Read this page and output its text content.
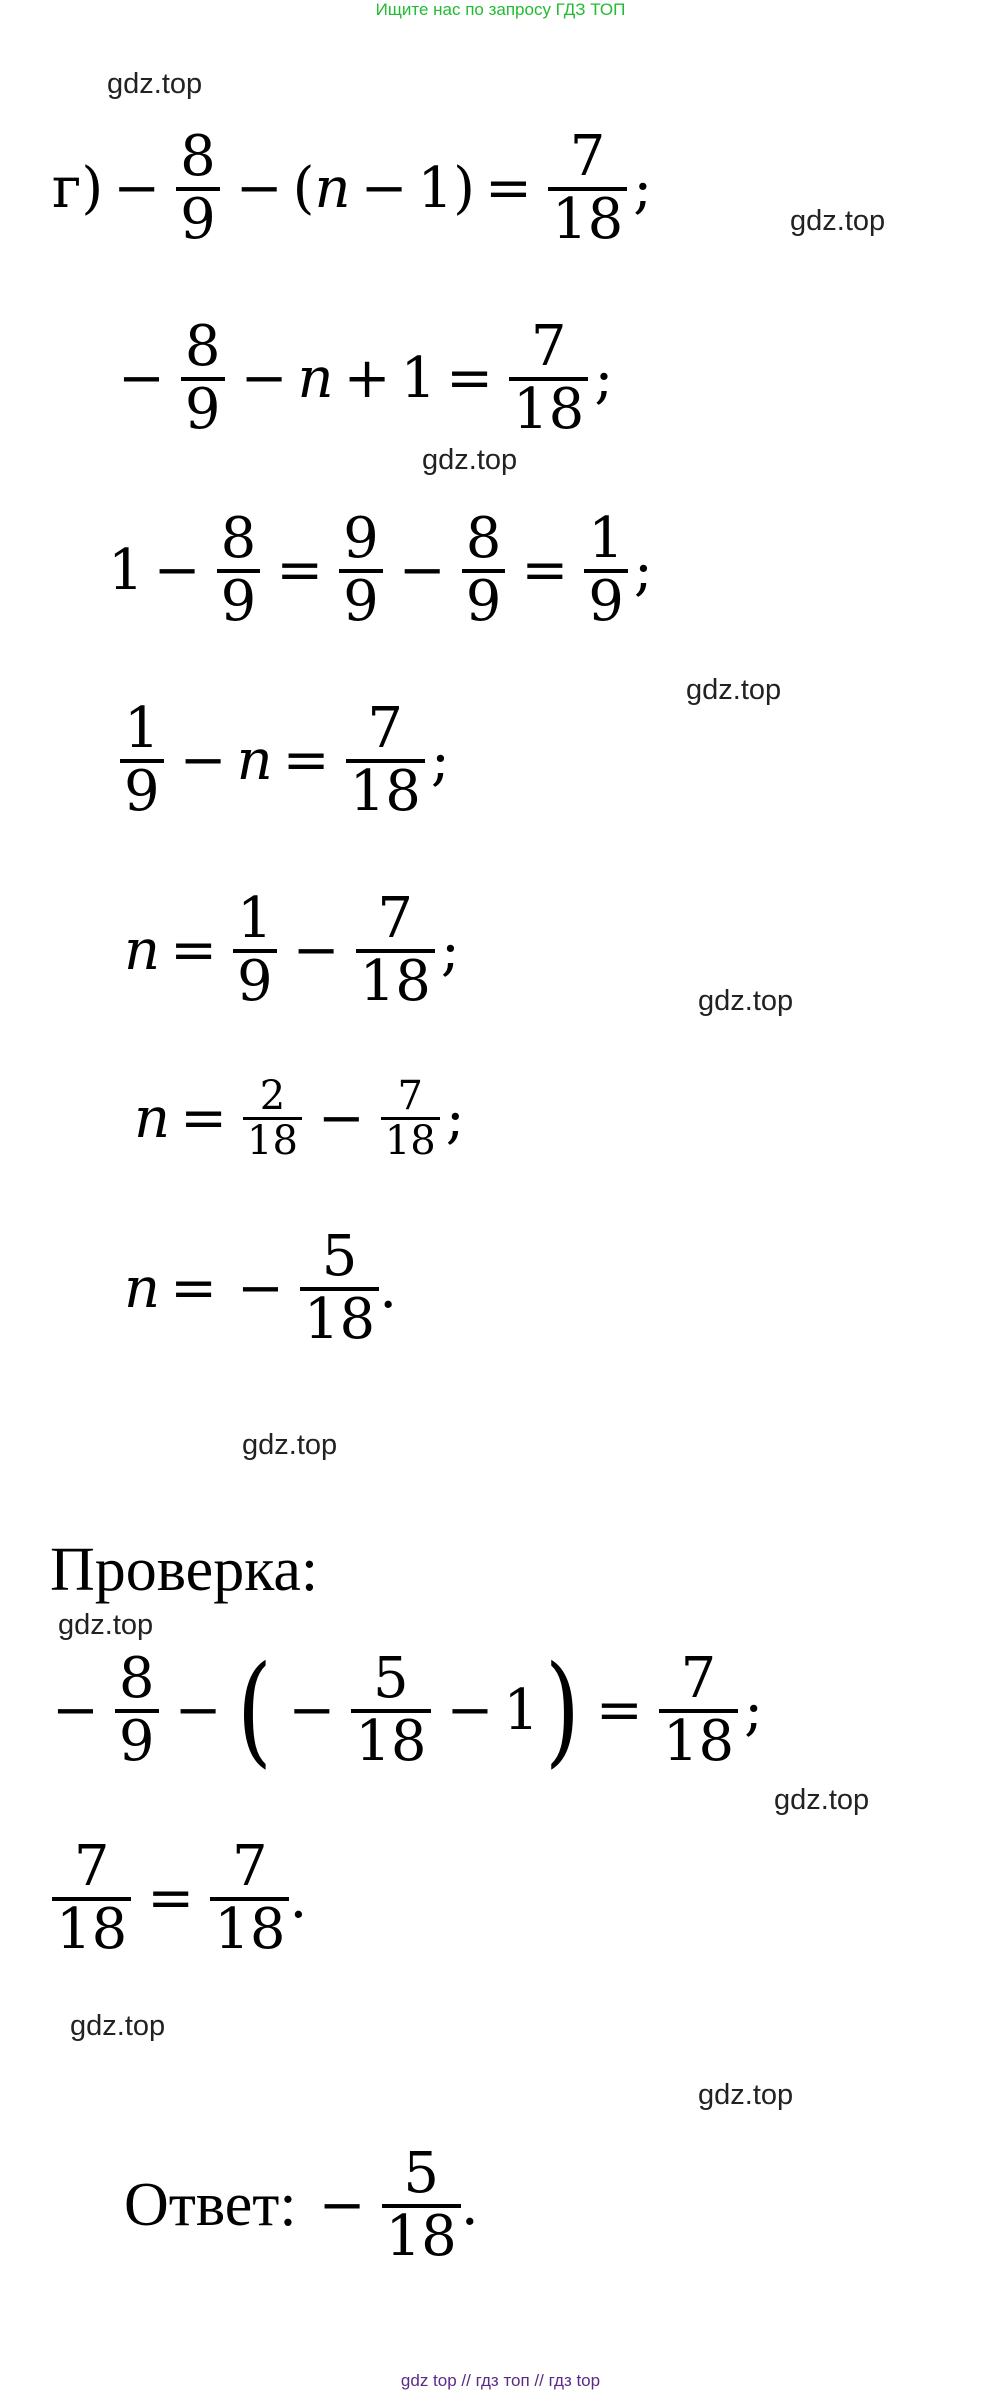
Ищите нас по запросу ГДЗ ТОП
gdz.top
gdz.top
gdz.top
gdz.top
gdz.top
gdz.top
gdz.top
gdz.top
gdz.top
gdz.top
$г) - \frac{8}{9}$ − ( n − 1 ) = $\frac{7}{18}$ ;
− $\frac{8}{9} - n + 1 = \frac{7}{18}$ ;
$1 - \frac{8}{9} = \frac{9}{9} - \frac{8}{9} = \frac{1}{9}$ ;
$\frac{1}{9} - n = \frac{7}{18}$ ;
$n = \frac{1}{9} - \frac{7}{18}$ ;
$n = \frac{2}{18} - \frac{7}{18}$ ;
n = − $\frac{5}{18}$ .
Проверка:
− $\frac{8}{9}$ − ( − $\frac{5}{18} - 1$ ) = $\frac{7}{18}$ ;
$\frac{7}{18} = \frac{7}{18}$ .
Ответ: − $\frac{5}{18}$ .
gdz top // гдз топ // гдз top
